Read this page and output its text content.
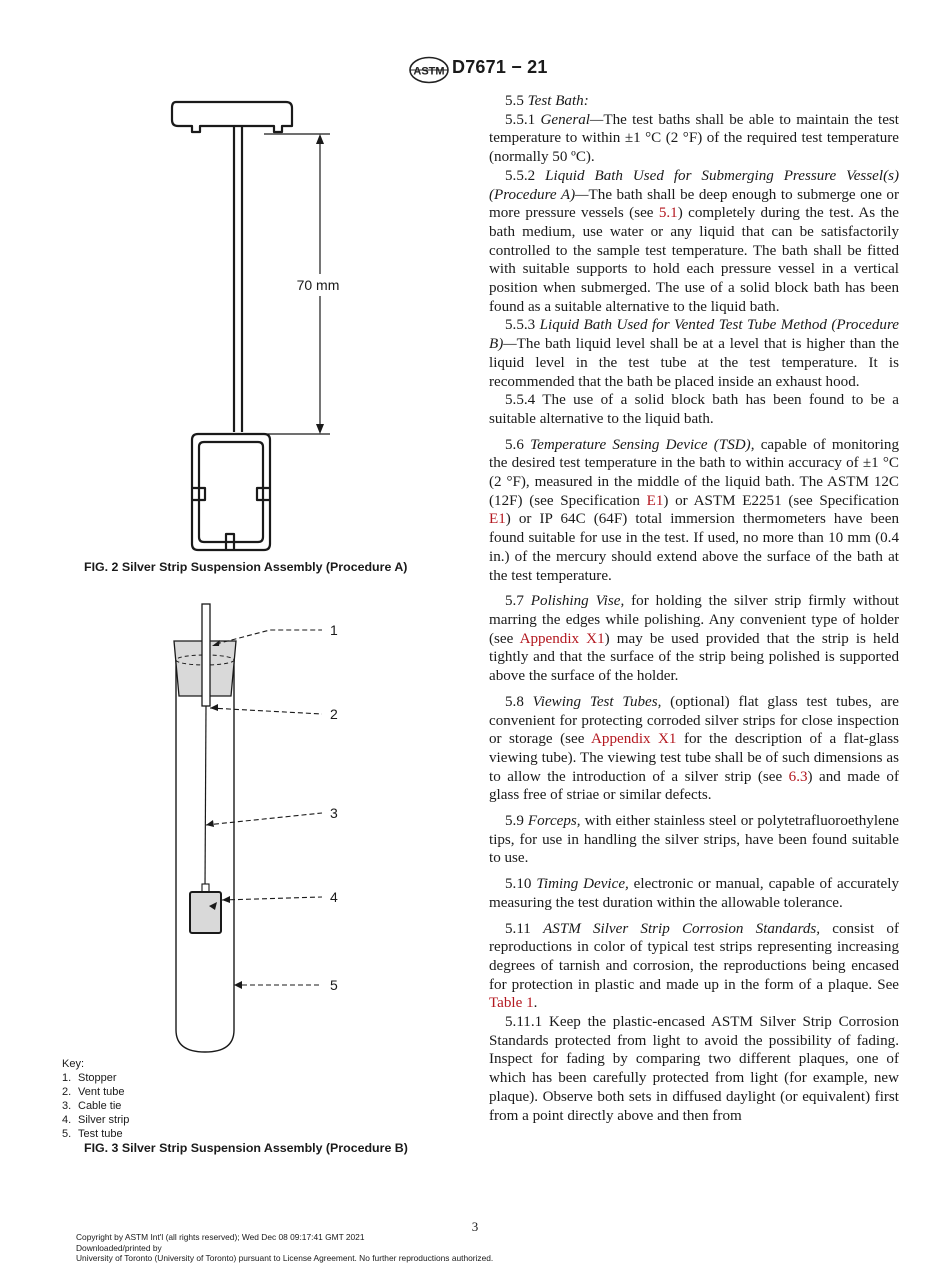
ASTM D7671 − 21
70 mm
FIG. 2 Silver Strip Suspension Assembly (Procedure A)
1
2
3
4
5
Key:
1. Stopper
2. Vent tube
3. Cable tie
4. Silver strip
5. Test tube
FIG. 3 Silver Strip Suspension Assembly (Procedure B)

5.5 Test Bath:

5.5.1 General—The test baths shall be able to maintain the test temperature to within ±1 °C (2 °F) of the required test temperature (normally 50 ºC).

5.5.2 Liquid Bath Used for Submerging Pressure Vessel(s) (Procedure A)—The bath shall be deep enough to submerge one or more pressure vessels (see 5.1) completely during the test. As the bath medium, use water or any liquid that can be satisfactorily controlled to the sample test temperature. The bath shall be fitted with suitable supports to hold each pressure vessel in a vertical position when submerged. The use of a solid block bath has been found as a suitable alternative to the liquid bath.

5.5.3 Liquid Bath Used for Vented Test Tube Method (Procedure B)—The bath liquid level shall be at a level that is higher than the liquid level in the test tube at the test temperature. It is recommended that the bath be placed inside an exhaust hood.

5.5.4 The use of a solid block bath has been found to be a suitable alternative to the liquid bath.

5.6 Temperature Sensing Device (TSD), capable of monitoring the desired test temperature in the bath to within accuracy of ±1 °C (2 °F), measured in the middle of the liquid bath. The ASTM 12C (12F) (see Specification E1) or ASTM E2251 (see Specification E1) or IP 64C (64F) total immersion thermometers have been found suitable for use in the test. If used, no more than 10 mm (0.4 in.) of the mercury should extend above the surface of the bath at the test temperature.

5.7 Polishing Vise, for holding the silver strip firmly without marring the edges while polishing. Any convenient type of holder (see Appendix X1) may be used provided that the strip is held tightly and that the surface of the strip being polished is supported above the surface of the holder.

5.8 Viewing Test Tubes, (optional) flat glass test tubes, are convenient for protecting corroded silver strips for close inspection or storage (see Appendix X1 for the description of a flat-glass viewing tube). The viewing test tube shall be of such dimensions as to allow the introduction of a silver strip (see 6.3) and made of glass free of striae or similar defects.

5.9 Forceps, with either stainless steel or polytetrafluoroethylene tips, for use in handling the silver strips, have been found suitable to use.

5.10 Timing Device, electronic or manual, capable of accurately measuring the test duration within the allowable tolerance.

5.11 ASTM Silver Strip Corrosion Standards, consist of reproductions in color of typical test strips representing increasing degrees of tarnish and corrosion, the reproductions being encased for protection in plastic and made up in the form of a plaque. See Table 1.

5.11.1 Keep the plastic-encased ASTM Silver Strip Corrosion Standards protected from light to avoid the possibility of fading. Inspect for fading by comparing two different plaques, one of which has been carefully protected from light (for example, new plaque). Observe both sets in diffused daylight (or equivalent) first from a point directly above and then from

3
Copyright by ASTM Int'l (all rights reserved); Wed Dec 08 09:17:41 GMT 2021
Downloaded/printed by
University of Toronto (University of Toronto) pursuant to License Agreement. No further reproductions authorized.
